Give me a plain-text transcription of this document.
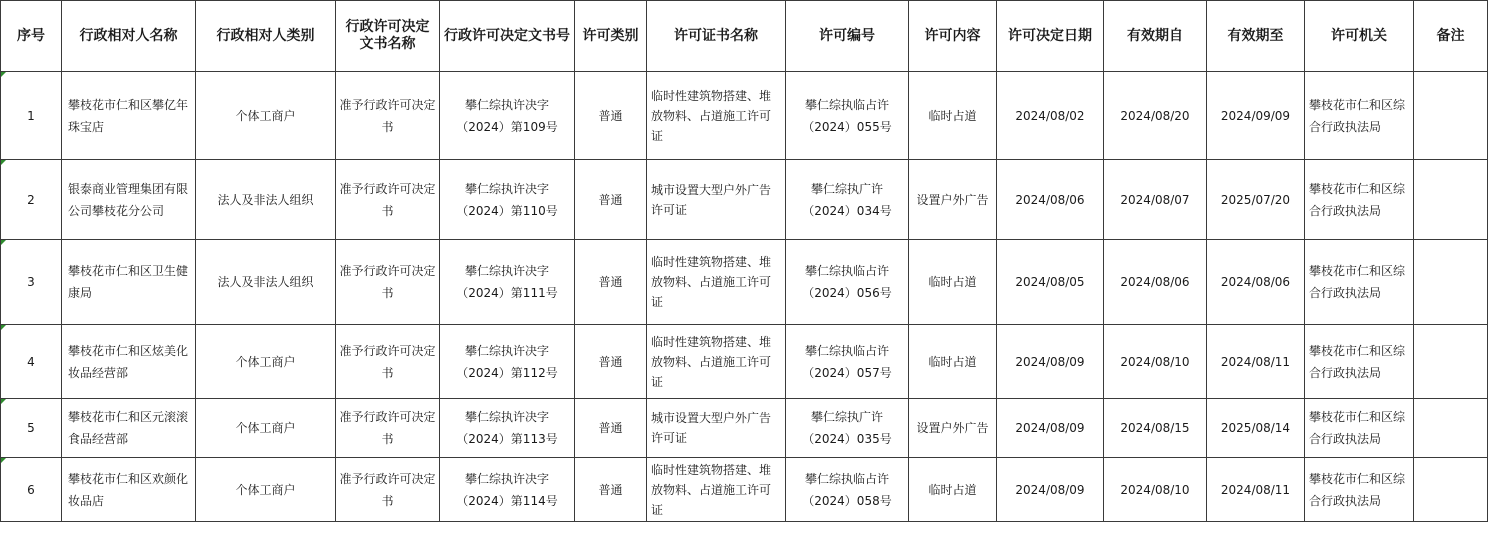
序号	行政相对人名称	行政相对人类别	行政许可决定文书名称	行政许可决定文书号	许可类别	许可证书名称	许可编号	许可内容	许可决定日期	有效期自	有效期至	许可机关	备注
1	攀枝花市仁和区攀亿年珠宝店	个体工商户	准予行政许可决定书	攀仁综执许决字（2024）第109号	普通	临时性建筑物搭建、堆放物料、占道施工许可证	攀仁综执临占许（2024）055号	临时占道	2024/08/02	2024/08/20	2024/09/09	攀枝花市仁和区综合行政执法局	
2	银泰商业管理集团有限公司攀枝花分公司	法人及非法人组织	准予行政许可决定书	攀仁综执许决字（2024）第110号	普通	城市设置大型户外广告许可证	攀仁综执广许（2024）034号	设置户外广告	2024/08/06	2024/08/07	2025/07/20	攀枝花市仁和区综合行政执法局	
3	攀枝花市仁和区卫生健康局	法人及非法人组织	准予行政许可决定书	攀仁综执许决字（2024）第111号	普通	临时性建筑物搭建、堆放物料、占道施工许可证	攀仁综执临占许（2024）056号	临时占道	2024/08/05	2024/08/06	2024/08/06	攀枝花市仁和区综合行政执法局	
4	攀枝花市仁和区炫美化妆品经营部	个体工商户	准予行政许可决定书	攀仁综执许决字（2024）第112号	普通	临时性建筑物搭建、堆放物料、占道施工许可证	攀仁综执临占许（2024）057号	临时占道	2024/08/09	2024/08/10	2024/08/11	攀枝花市仁和区综合行政执法局	
5	攀枝花市仁和区元滚滚食品经营部	个体工商户	准予行政许可决定书	攀仁综执许决字（2024）第113号	普通	城市设置大型户外广告许可证	攀仁综执广许（2024）035号	设置户外广告	2024/08/09	2024/08/15	2025/08/14	攀枝花市仁和区综合行政执法局	
6	攀枝花市仁和区欢颜化妆品店	个体工商户	准予行政许可决定书	攀仁综执许决字（2024）第114号	普通	临时性建筑物搭建、堆放物料、占道施工许可证	攀仁综执临占许（2024）058号	临时占道	2024/08/09	2024/08/10	2024/08/11	攀枝花市仁和区综合行政执法局	
